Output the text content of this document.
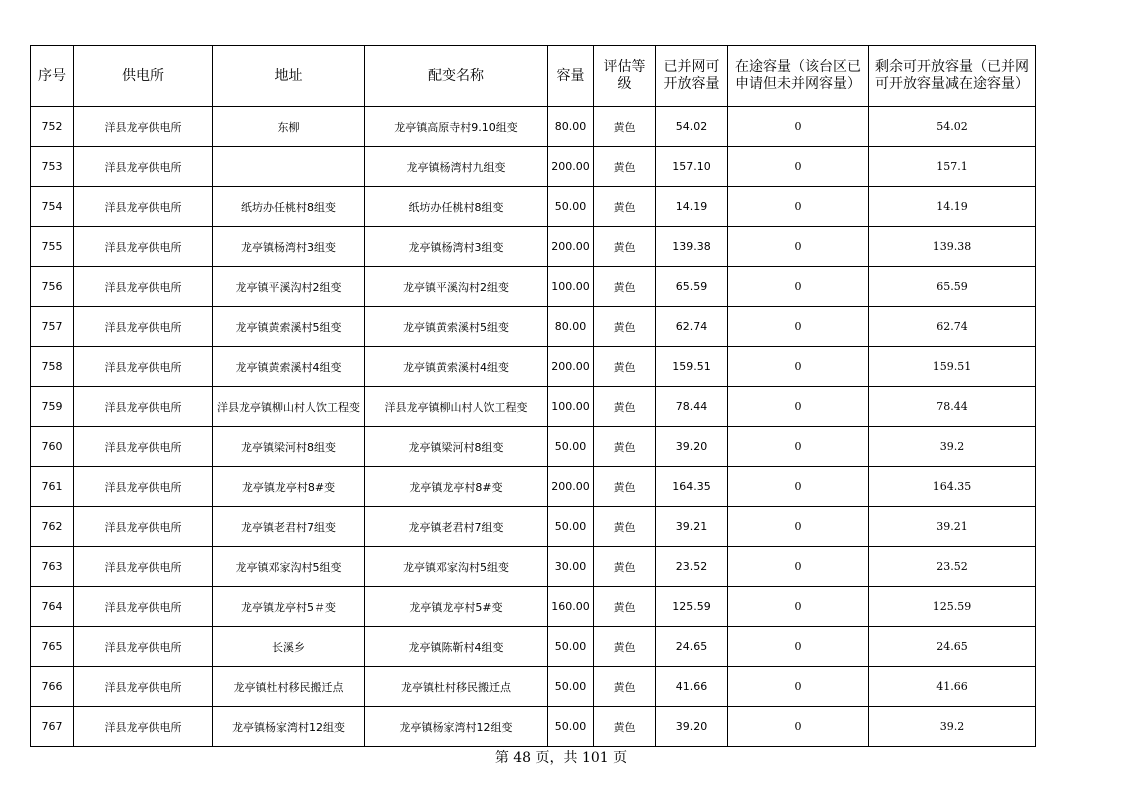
序号	供电所	地址	配变名称	容量	评估等级	已并网可开放容量	在途容量（该台区已申请但未并网容量）	剩余可开放容量（已并网可开放容量减在途容量）
752	洋县龙亭供电所	东柳	龙亭镇高原寺村9.10组变	80.00	黄色	54.02	0	54.02
753	洋县龙亭供电所		龙亭镇杨湾村九组变	200.00	黄色	157.10	0	157.1
754	洋县龙亭供电所	纸坊办任桃村8组变	纸坊办任桃村8组变	50.00	黄色	14.19	0	14.19
755	洋县龙亭供电所	龙亭镇杨湾村3组变	龙亭镇杨湾村3组变	200.00	黄色	139.38	0	139.38
756	洋县龙亭供电所	龙亭镇平溪沟村2组变	龙亭镇平溪沟村2组变	100.00	黄色	65.59	0	65.59
757	洋县龙亭供电所	龙亭镇黄索溪村5组变	龙亭镇黄索溪村5组变	80.00	黄色	62.74	0	62.74
758	洋县龙亭供电所	龙亭镇黄索溪村4组变	龙亭镇黄索溪村4组变	200.00	黄色	159.51	0	159.51
759	洋县龙亭供电所	洋县龙亭镇柳山村人饮工程变	洋县龙亭镇柳山村人饮工程变	100.00	黄色	78.44	0	78.44
760	洋县龙亭供电所	龙亭镇梁河村8组变	龙亭镇梁河村8组变	50.00	黄色	39.20	0	39.2
761	洋县龙亭供电所	龙亭镇龙亭村8#变	龙亭镇龙亭村8#变	200.00	黄色	164.35	0	164.35
762	洋县龙亭供电所	龙亭镇老君村7组变	龙亭镇老君村7组变	50.00	黄色	39.21	0	39.21
763	洋县龙亭供电所	龙亭镇邓家沟村5组变	龙亭镇邓家沟村5组变	30.00	黄色	23.52	0	23.52
764	洋县龙亭供电所	龙亭镇龙亭村5＃变	龙亭镇龙亭村5#变	160.00	黄色	125.59	0	125.59
765	洋县龙亭供电所	长溪乡	龙亭镇陈靳村4组变	50.00	黄色	24.65	0	24.65
766	洋县龙亭供电所	龙亭镇杜村移民搬迁点	龙亭镇杜村移民搬迁点	50.00	黄色	41.66	0	41.66
767	洋县龙亭供电所	龙亭镇杨家湾村12组变	龙亭镇杨家湾村12组变	50.00	黄色	39.20	0	39.2
第 48 页，共 101 页
